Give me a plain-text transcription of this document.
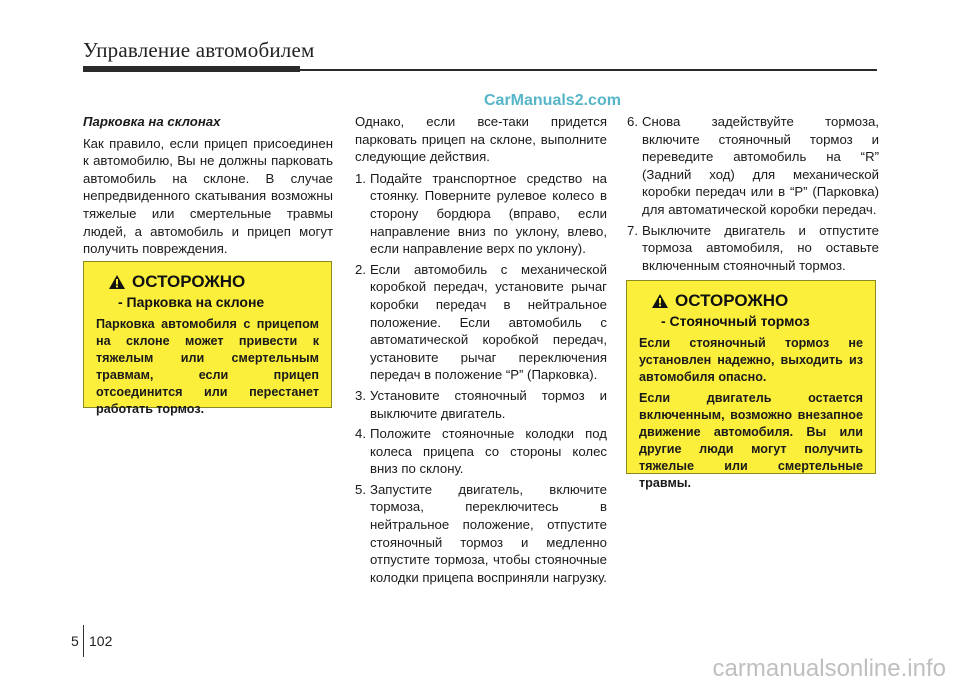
Управление автомобилем
CarManuals2.com

Парковка на склонах

Как правило, если прицеп присоединен к автомобилю, Вы не должны парковать автомобиль на склоне. В случае непредвиденного скатывания возможны тяжелые или смертельные травмы людей, а автомобиль и прицеп могут получить повреждения.

ОСТОРОЖНО
- Парковка на склоне

Парковка автомобиля с прицепом на склоне может привести к тяжелым или смертельным травмам, если прицеп отсоединится или перестанет работать тормоз.

Однако, если все-таки придется парковать прицеп на склоне, выполните следующие действия.

1. Подайте транспортное средство на стоянку. Поверните рулевое колесо в сторону бордюра (вправо, если направление вниз по уклону, влево, если направление верх по уклону).
2. Если автомобиль с механической коробкой передач, установите рычаг коробки передач в нейтральное положение. Если автомобиль с автоматической коробкой передач, установите рычаг переключения передач в положение “P” (Парковка).
3. Установите стояночный тормоз и выключите двигатель.
4. Положите стояночные колодки под колеса прицепа со стороны колес вниз по склону.
5. Запустите двигатель, включите тормоза, переключитесь в нейтральное положение, отпустите стояночный тормоз и медленно отпустите тормоза, чтобы стояночные колодки прицепа восприняли нагрузку.
6. Снова задействуйте тормоза, включите стояночный тормоз и переведите автомобиль на “R” (Задний ход) для механической коробки передач или в “P” (Парковка) для автоматической коробки передач.
7. Выключите двигатель и отпустите тормоза автомобиля, но оставьте включенным стояночный тормоз.
ОСТОРОЖНО
- Стояночный тормоз

Если стояночный тормоз не установлен надежно, выходить из автомобиля опасно.

Если двигатель остается включенным, возможно внезапное движение автомобиля. Вы или другие люди могут получить тяжелые или смертельные травмы.

5 102
carmanualsonline.info
